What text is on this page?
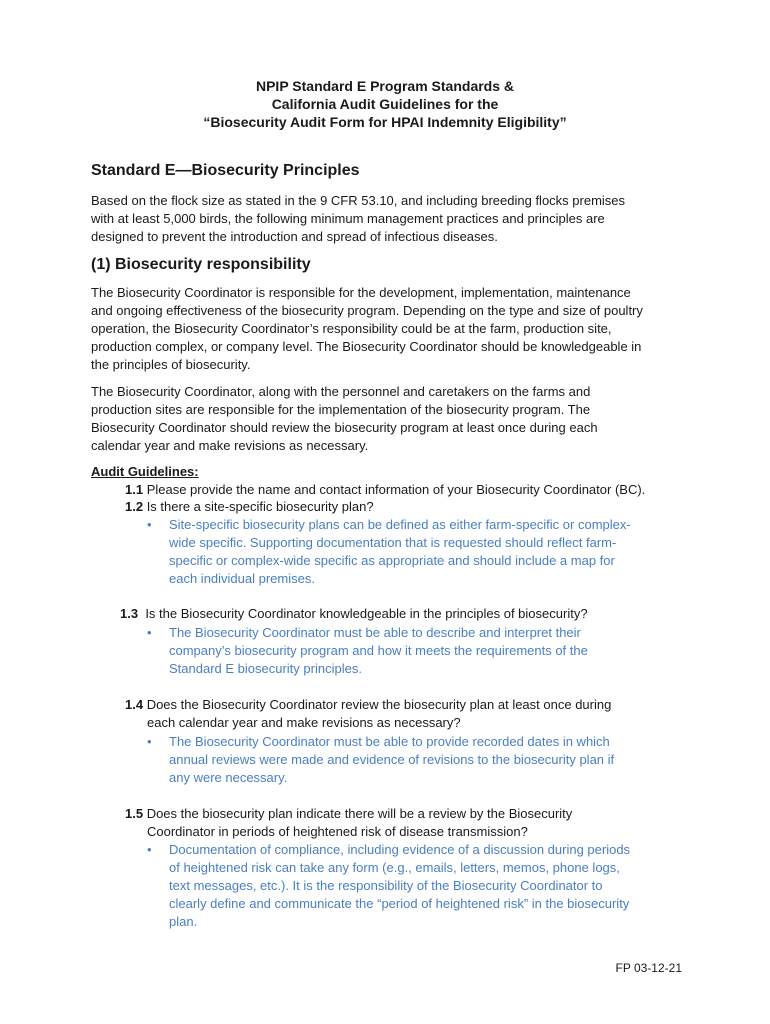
NPIP Standard E Program Standards &
California Audit Guidelines for the
“Biosecurity Audit Form for HPAI Indemnity Eligibility”
Standard E—Biosecurity Principles
Based on the flock size as stated in the 9 CFR 53.10, and including breeding flocks premises
with at least 5,000 birds, the following minimum management practices and principles are
designed to prevent the introduction and spread of infectious diseases.
(1) Biosecurity responsibility
The Biosecurity Coordinator is responsible for the development, implementation, maintenance
and ongoing effectiveness of the biosecurity program. Depending on the type and size of poultry
operation, the Biosecurity Coordinator’s responsibility could be at the farm, production site,
production complex, or company level. The Biosecurity Coordinator should be knowledgeable in
the principles of biosecurity.
The Biosecurity Coordinator, along with the personnel and caretakers on the farms and
production sites are responsible for the implementation of the biosecurity program. The
Biosecurity Coordinator should review the biosecurity program at least once during each
calendar year and make revisions as necessary.
Audit Guidelines:
1.1 Please provide the name and contact information of your Biosecurity Coordinator (BC).
1.2 Is there a site-specific biosecurity plan?
•	Site-specific biosecurity plans can be defined as either farm-specific or complex-
wide specific. Supporting documentation that is requested should reflect farm-
specific or complex-wide specific as appropriate and should include a map for
each individual premises.
1.3 Is the Biosecurity Coordinator knowledgeable in the principles of biosecurity?
•	The Biosecurity Coordinator must be able to describe and interpret their
company’s biosecurity program and how it meets the requirements of the
Standard E biosecurity principles.
1.4 Does the Biosecurity Coordinator review the biosecurity plan at least once during
each calendar year and make revisions as necessary?
•	The Biosecurity Coordinator must be able to provide recorded dates in which
annual reviews were made and evidence of revisions to the biosecurity plan if
any were necessary.
1.5 Does the biosecurity plan indicate there will be a review by the Biosecurity
Coordinator in periods of heightened risk of disease transmission?
•	Documentation of compliance, including evidence of a discussion during periods
of heightened risk can take any form (e.g., emails, letters, memos, phone logs,
text messages, etc.). It is the responsibility of the Biosecurity Coordinator to
clearly define and communicate the “period of heightened risk” in the biosecurity
plan.
FP 03-12-21
